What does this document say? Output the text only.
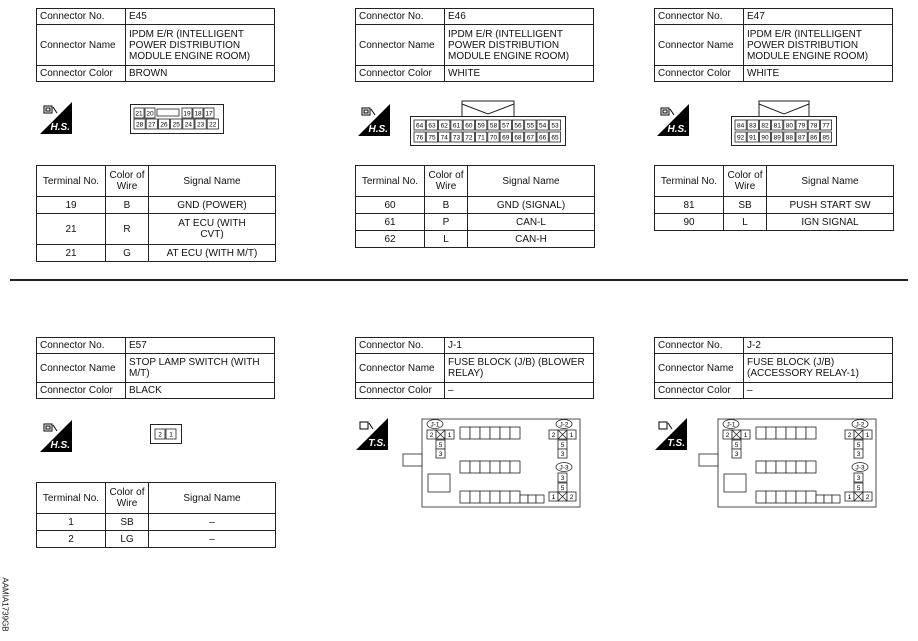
Connector No.	E45
Connector Name	IPDM E/R (INTELLIGENT POWER DISTRIBUTION MODULE ENGINE ROOM)
Connector Color	BROWN
H.S.
21 20	19 18 17
28 27 26 25 24 23 22
Terminal No.	Color of Wire	Signal Name
19	B	GND (POWER)
21	R	AT ECU (WITH CVT)
21	G	AT ECU (WITH M/T)
Connector No.	E46
Connector Name	IPDM E/R (INTELLIGENT POWER DISTRIBUTION MODULE ENGINE ROOM)
Connector Color	WHITE
H.S.	64 63 62 61 60 59 58 57 56 55 54 53
76 75 74 73 72 71 70 69 68 67 66 65
Terminal No.	Color of Wire	Signal Name
60	B	GND (SIGNAL)
61	P	CAN-L
62	L	CAN-H
Connector No.	E47
Connector Name	IPDM E/R (INTELLIGENT POWER DISTRIBUTION MODULE ENGINE ROOM)
Connector Color	WHITE
H.S.	84 83 82 81 80 79 78 77
92 91 90 89 88 87 86 85
Terminal No.	Color of Wire	Signal Name
81	SB	PUSH START SW
90	L	IGN SIGNAL
Connector No.	E57
Connector Name	STOP LAMP SWITCH (WITH M/T)
Connector Color	BLACK
H.S.
2 1
Terminal No.	Color of Wire	Signal Name
1	SB	–
2	LG	–
Connector No.	J-1
Connector Name	FUSE BLOCK (J/B) (BLOWER RELAY)
Connector Color	–
T.S.
J-1
2 1
5
3
J-2
2 1
5
3
J-3
3
5
1 2
Connector No.	J-2
Connector Name	FUSE BLOCK (J/B) (ACCESSORY RELAY-1)
Connector Color	–
T.S.
J-1
2 1
5
3
J-2
2 1
5
3
J-3
3
5
1 2
AAMIA1739GB
